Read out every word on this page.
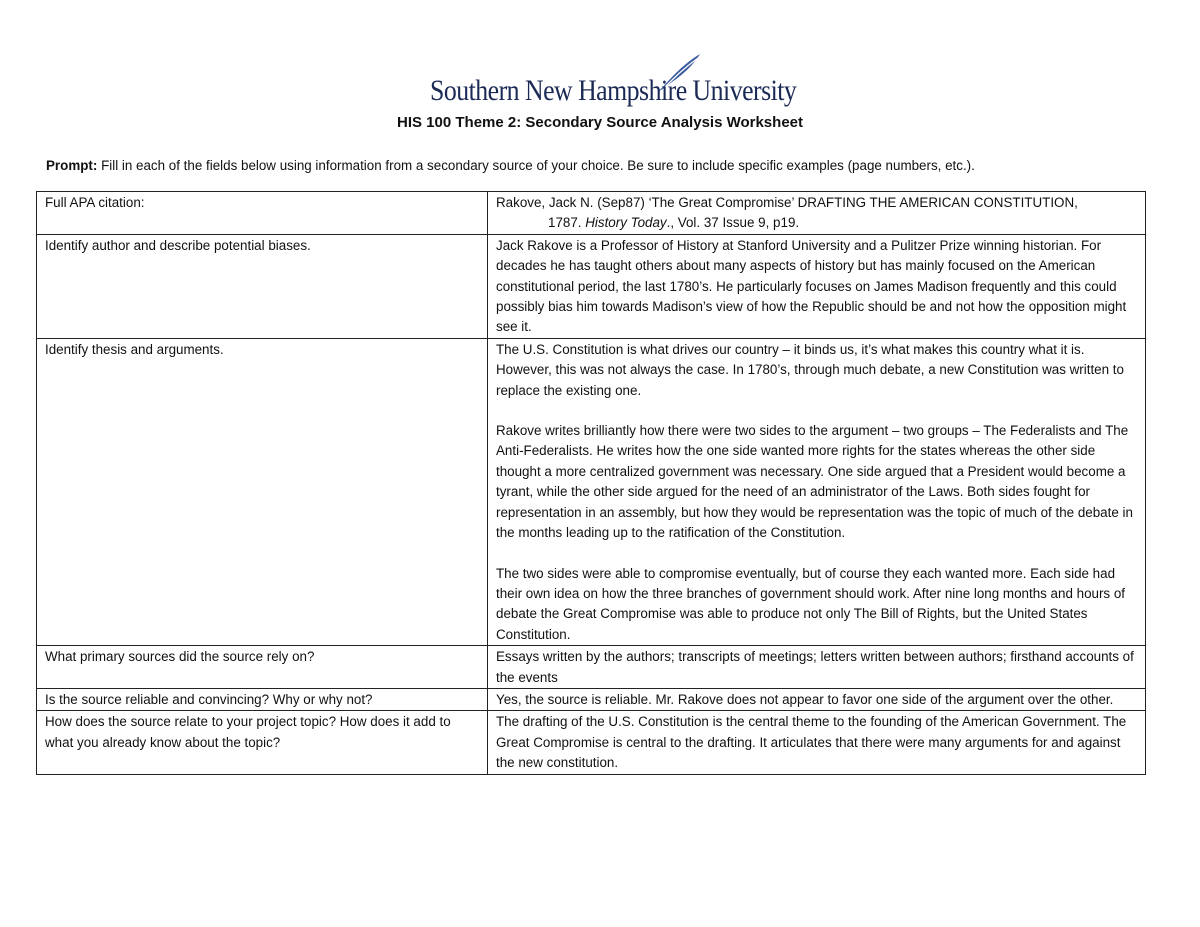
Southern New Hampshire University
HIS 100 Theme 2: Secondary Source Analysis Worksheet
Prompt: Fill in each of the fields below using information from a secondary source of your choice. Be sure to include specific examples (page numbers, etc.).
Full APA citation:	Rakove, Jack N. (Sep87) ‘The Great Compromise’ DRAFTING THE AMERICAN CONSTITUTION,
1787. History Today., Vol. 37 Issue 9, p19.

Identify author and describe potential biases.	Jack Rakove is a Professor of History at Stanford University and a Pulitzer Prize winning historian. For decades he has taught others about many aspects of history but has mainly focused on the American constitutional period, the last 1780’s. He particularly focuses on James Madison frequently and this could possibly bias him towards Madison’s view of how the Republic should be and not how the opposition might see it.

Identify thesis and arguments.	The U.S. Constitution is what drives our country – it binds us, it’s what makes this country what it is. However, this was not always the case. In 1780’s, through much debate, a new Constitution was written to replace the existing one.

Rakove writes brilliantly how there were two sides to the argument – two groups – The Federalists and The Anti-Federalists. He writes how the one side wanted more rights for the states whereas the other side thought a more centralized government was necessary. One side argued that a President would become a tyrant, while the other side argued for the need of an administrator of the Laws. Both sides fought for representation in an assembly, but how they would be representation was the topic of much of the debate in the months leading up to the ratification of the Constitution.

The two sides were able to compromise eventually, but of course they each wanted more. Each side had their own idea on how the three branches of government should work. After nine long months and hours of debate the Great Compromise was able to produce not only The Bill of Rights, but the United States Constitution.

What primary sources did the source rely on?	Essays written by the authors; transcripts of meetings; letters written between authors; firsthand accounts of the events

Is the source reliable and convincing? Why or why not?	Yes, the source is reliable. Mr. Rakove does not appear to favor one side of the argument over the other.

How does the source relate to your project topic? How does it add to what you already know about the topic?	The drafting of the U.S. Constitution is the central theme to the founding of the American Government. The Great Compromise is central to the drafting. It articulates that there were many arguments for and against the new constitution.
